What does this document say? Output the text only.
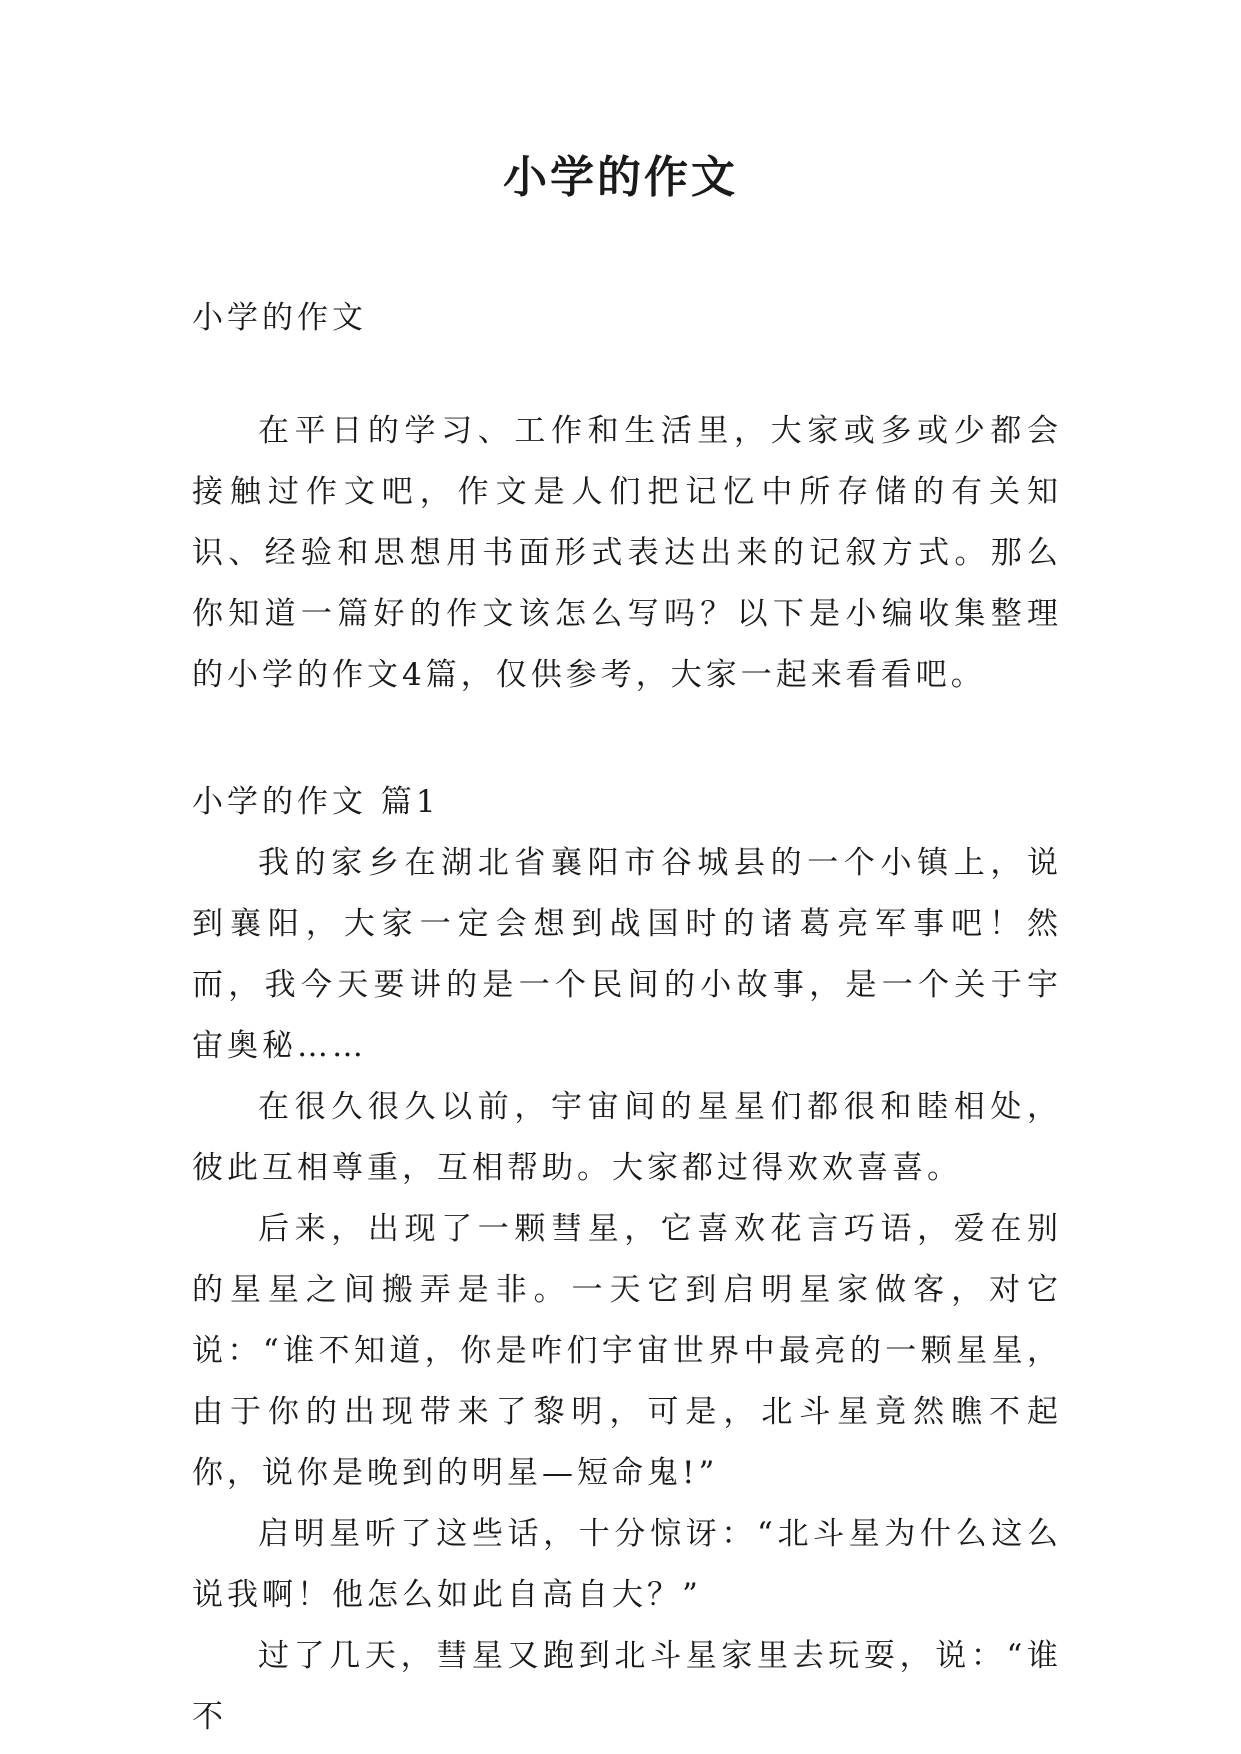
小学的作文

小学的作文

在平日的学习、工作和生活里，大家或多或少都会接触过作文吧，作文是人们把记忆中所存储的有关知识、经验和思想用书面形式表达出来的记叙方式。那么你知道一篇好的作文该怎么写吗？以下是小编收集整理的小学的作文4篇，仅供参考，大家一起来看看吧。

小学的作文 篇1

我的家乡在湖北省襄阳市谷城县的一个小镇上，说到襄阳，大家一定会想到战国时的诸葛亮军事吧！然而，我今天要讲的是一个民间的小故事，是一个关于宇宙奥秘……

在很久很久以前，宇宙间的星星们都很和睦相处，彼此互相尊重，互相帮助。大家都过得欢欢喜喜。

后来，出现了一颗彗星，它喜欢花言巧语，爱在别的星星之间搬弄是非。一天它到启明星家做客，对它说：“谁不知道，你是咋们宇宙世界中最亮的一颗星星，由于你的出现带来了黎明，可是，北斗星竟然瞧不起你，说你是晚到的明星—短命鬼!”

启明星听了这些话，十分惊讶：“北斗星为什么这么说我啊！他怎么如此自高自大？”

过了几天，彗星又跑到北斗星家里去玩耍，说：“谁不
